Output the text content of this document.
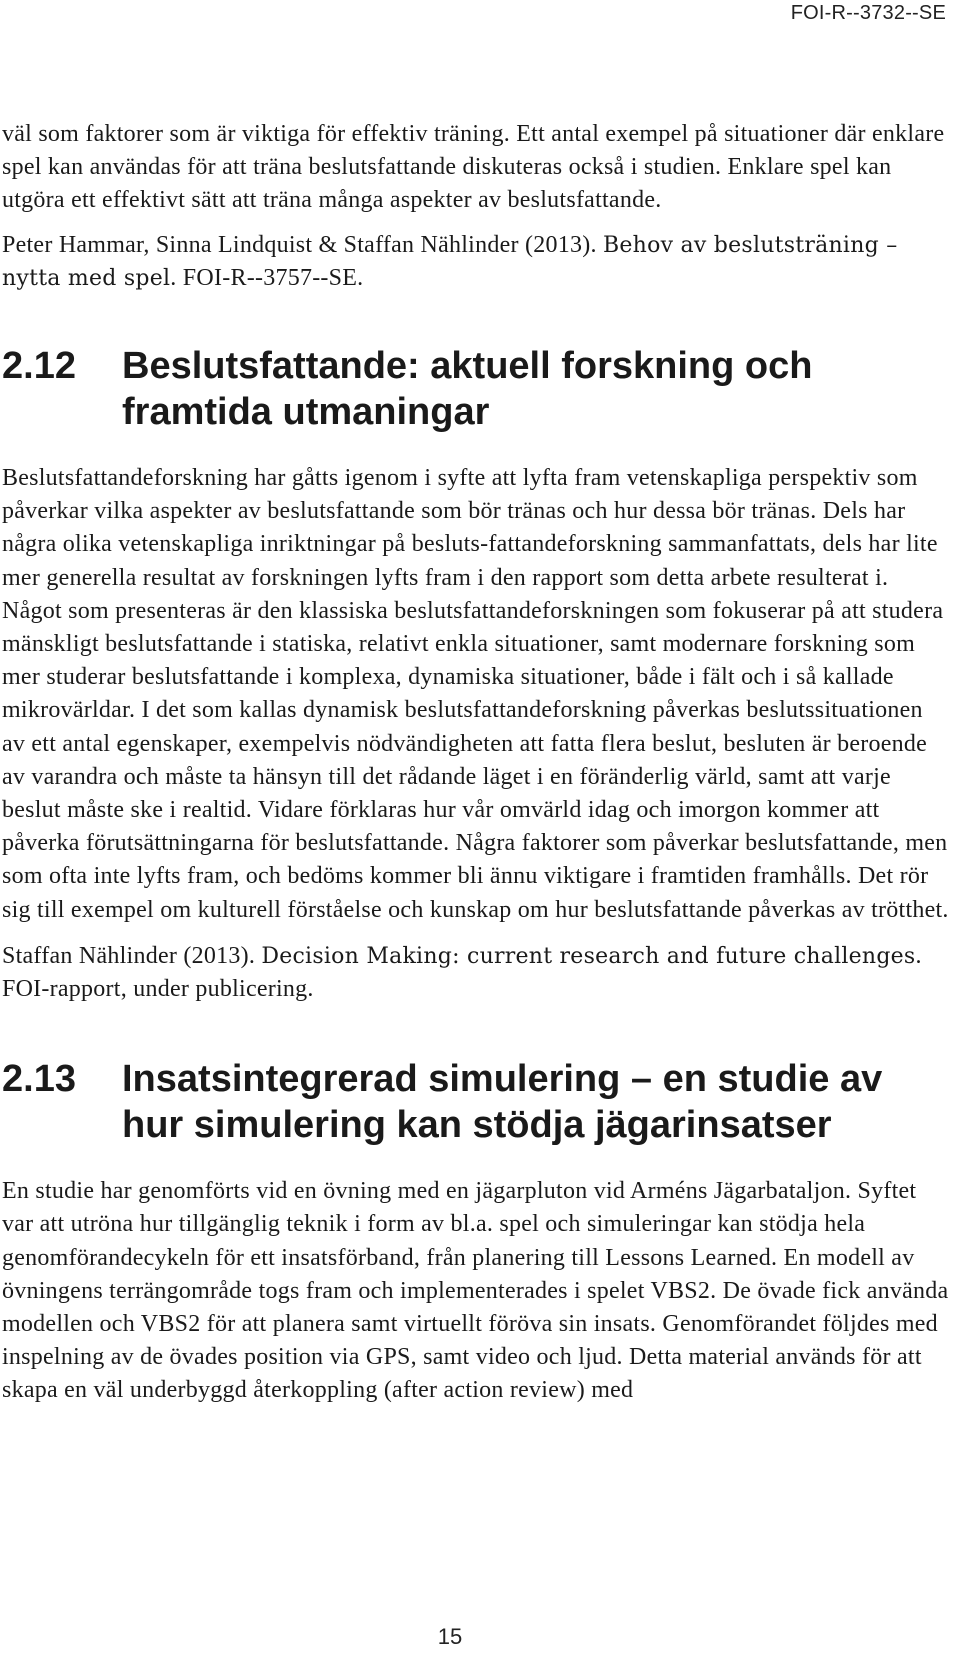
FOI-R--3732--SE

väl som faktorer som är viktiga för effektiv träning. Ett antal exempel på situationer där enklare spel kan användas för att träna beslutsfattande diskuteras också i studien. Enklare spel kan utgöra ett effektivt sätt att träna många aspekter av beslutsfattande.

Peter Hammar, Sinna Lindquist & Staffan Nählinder (2013). Behov av beslutsträning – nytta med spel. FOI-R--3757--SE.

2.12	Beslutsfattande: aktuell forskning och framtida utmaningar

Beslutsfattandeforskning har gåtts igenom i syfte att lyfta fram vetenskapliga perspektiv som påverkar vilka aspekter av beslutsfattande som bör tränas och hur dessa bör tränas. Dels har några olika vetenskapliga inriktningar på besluts-fattandeforskning sammanfattats, dels har lite mer generella resultat av forskningen lyfts fram i den rapport som detta arbete resulterat i. Något som presenteras är den klassiska beslutsfattandeforskningen som fokuserar på att studera mänskligt beslutsfattande i statiska, relativt enkla situationer, samt modernare forskning som mer studerar beslutsfattande i komplexa, dynamiska situationer, både i fält och i så kallade mikrovärldar. I det som kallas dynamisk beslutsfattandeforskning påverkas beslutssituationen av ett antal egenskaper, exempelvis nödvändigheten att fatta flera beslut, besluten är beroende av varandra och måste ta hänsyn till det rådande läget i en föränderlig värld, samt att varje beslut måste ske i realtid. Vidare förklaras hur vår omvärld idag och imorgon kommer att påverka förutsättningarna för beslutsfattande. Några faktorer som påverkar beslutsfattande, men som ofta inte lyfts fram, och bedöms kommer bli ännu viktigare i framtiden framhålls. Det rör sig till exempel om kulturell förståelse och kunskap om hur beslutsfattande påverkas av trötthet.

Staffan Nählinder (2013). Decision Making: current research and future challenges. FOI-rapport, under publicering.

2.13	Insatsintegrerad simulering – en studie av hur simulering kan stödja jägarinsatser

En studie har genomförts vid en övning med en jägarpluton vid Arméns Jägarbataljon. Syftet var att utröna hur tillgänglig teknik i form av bl.a. spel och simuleringar kan stödja hela genomförandecykeln för ett insatsförband, från planering till Lessons Learned. En modell av övningens terrängområde togs fram och implementerades i spelet VBS2. De övade fick använda modellen och VBS2 för att planera samt virtuellt föröva sin insats. Genomförandet följdes med inspelning av de övades position via GPS, samt video och ljud. Detta material används för att skapa en väl underbyggd återkoppling (after action review) med

15
